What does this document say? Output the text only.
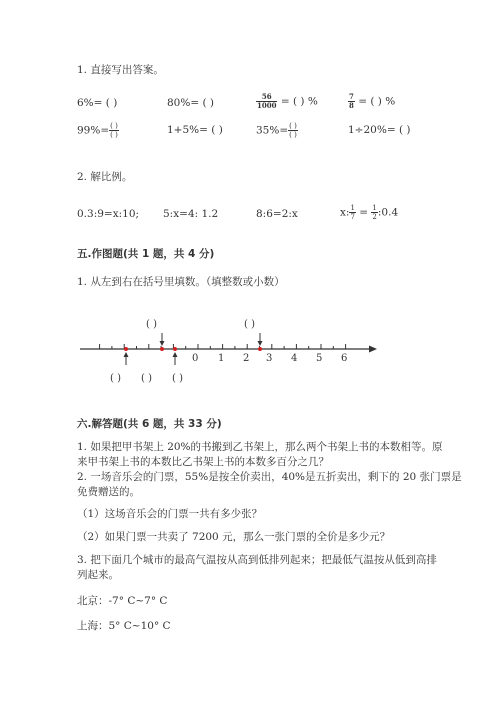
1. 直接写出答案。
6%= ( )	80%= ( )	$\frac{56}{1000}$ = ( ) %	$\frac{7}{8}$ = ( ) %
$99\%= \frac{( )}{( )}$	1+5%= ( )	$35\%= \frac{( )}{( )}$	1÷20%= ( )
2. 解比例。
0.3:9=x:10; 5:x=4: 1.2	8:6=2:x	x: $\frac{1}{7} = \frac{1}{2}$ :0.4
五.作图题(共 1 题，共 4 分)
1. 从左到右在括号里填数。（填整数或小数）
0 1 2 3 4 5 6
( )	( )
( ) ( ) ( )
六.解答题(共 6 题，共 33 分)
1. 如果把甲书架上 20%的书搬到乙书架上，那么两个书架上书的本数相等。原
来甲书架上书的本数比乙书架上书的本数多百分之几？
2. 一场音乐会的门票，55%是按全价卖出，40%是五折卖出，剩下的 20 张门票是
免费赠送的。
（1）这场音乐会的门票一共有多少张？
（2）如果门票一共卖了 7200 元，那么一张门票的全价是多少元？
3. 把下面几个城市的最高气温按从高到低排列起来；把最低气温按从低到高排
列起来。
北京：-7° C~7° C
上海：5° C~10° C
